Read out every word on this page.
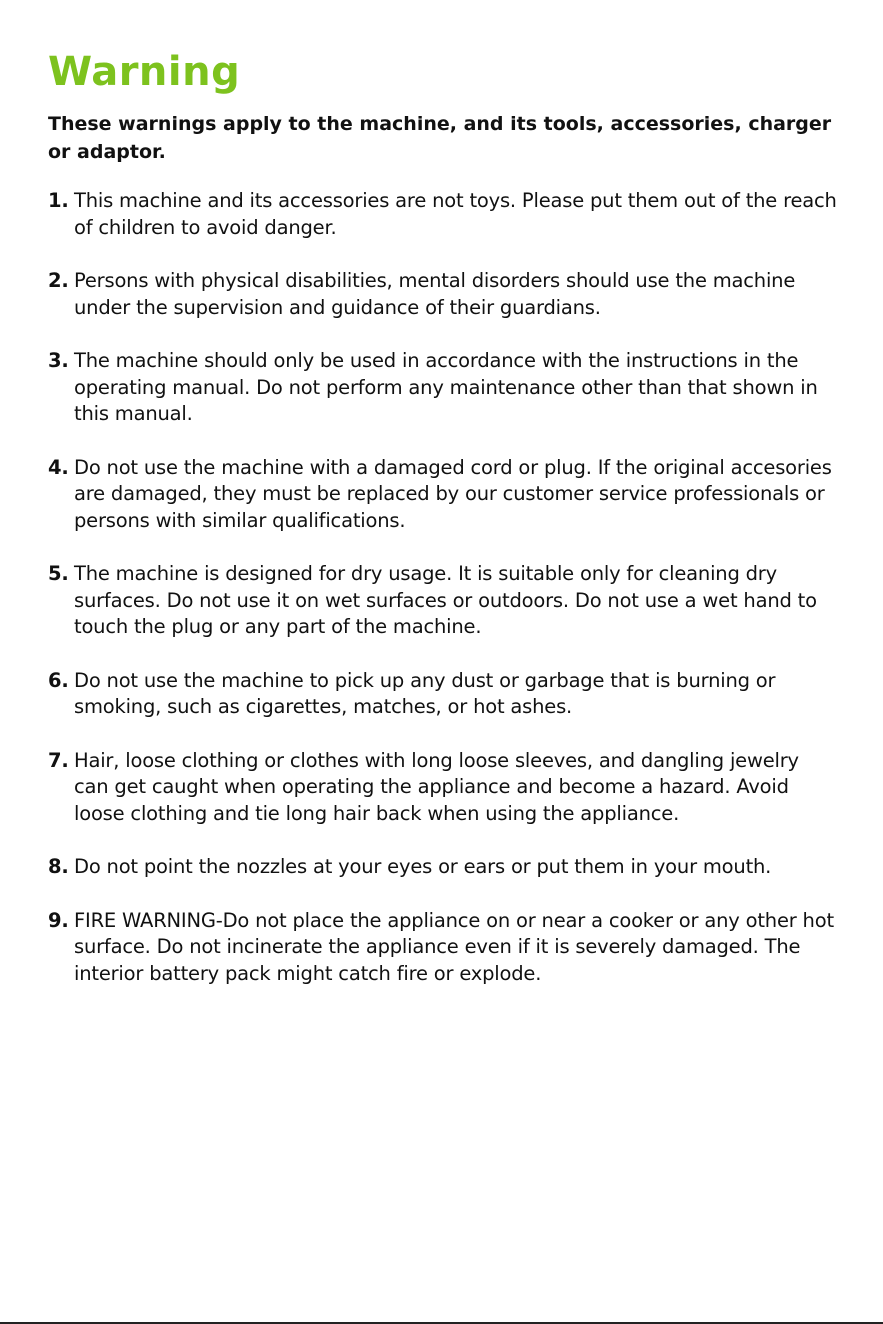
Warning

These warnings apply to the machine, and its tools, accessories, charger or adaptor.

1. This machine and its accessories are not toys. Please put them out of the reach of children to avoid danger.
2. Persons with physical disabilities, mental disorders should use the machine under the supervision and guidance of their guardians.
3. The machine should only be used in accordance with the instructions in the operating manual. Do not perform any maintenance other than that shown in this manual.
4. Do not use the machine with a damaged cord or plug. If the original accesories are damaged, they must be replaced by our customer service professionals or persons with similar qualifications.
5. The machine is designed for dry usage. It is suitable only for cleaning dry surfaces. Do not use it on wet surfaces or outdoors. Do not use a wet hand to touch the plug or any part of the machine.
6. Do not use the machine to pick up any dust or garbage that is burning or smoking, such as cigarettes, matches, or hot ashes.
7. Hair, loose clothing or clothes with long loose sleeves, and dangling jewelry can get caught when operating the appliance and become a hazard. Avoid loose clothing and tie long hair back when using the appliance.
8. Do not point the nozzles at your eyes or ears or put them in your mouth.
9. FIRE WARNING-Do not place the appliance on or near a cooker or any other hot surface. Do not incinerate the appliance even if it is severely damaged. The interior battery pack might catch fire or explode.
